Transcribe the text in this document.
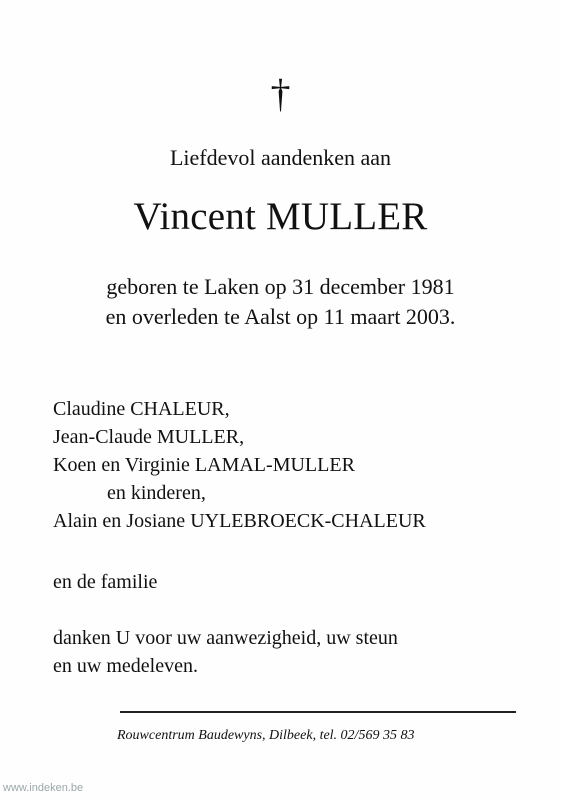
†
Liefdevol aandenken aan
Vincent MULLER
geboren te Laken op 31 december 1981
en overleden te Aalst op 11 maart 2003.
Claudine CHALEUR,
Jean-Claude MULLER,
Koen en Virginie LAMAL-MULLER
en kinderen,
Alain en Josiane UYLEBROECK-CHALEUR
en de familie
danken U voor uw aanwezigheid, uw steun
en uw medeleven.
Rouwcentrum Baudewyns, Dilbeek, tel. 02/569 35 83
www.indeken.be
